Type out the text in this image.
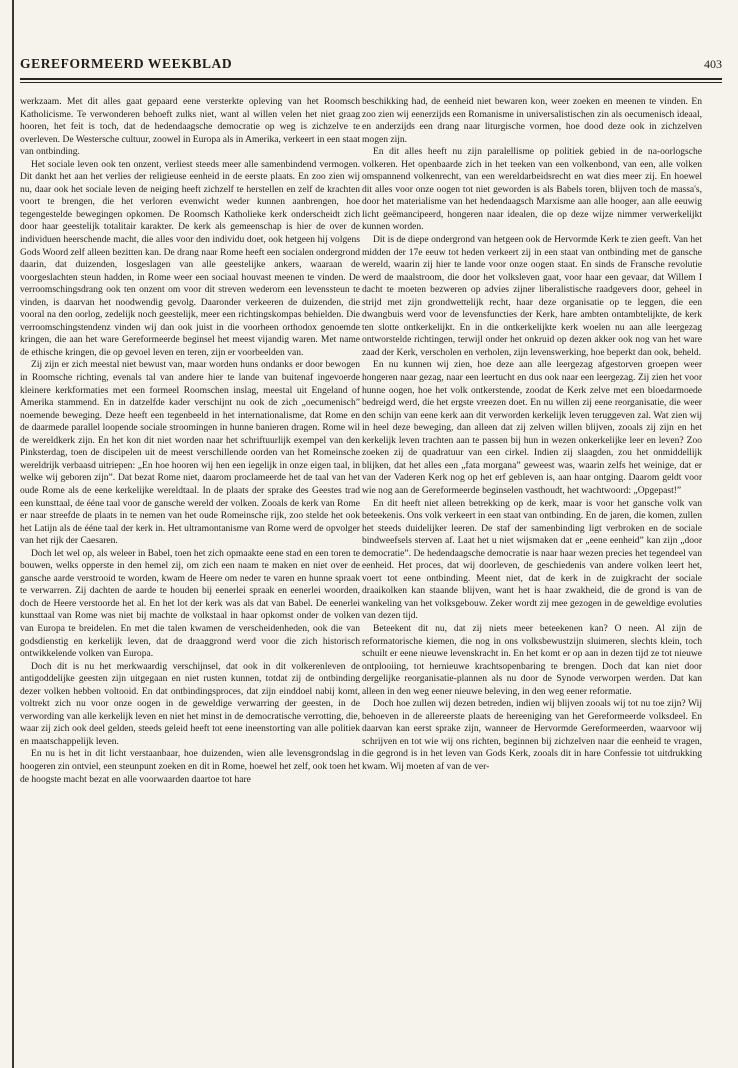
GEREFORMEERD WEEKBLAD	403

werkzaam. Met dit alles gaat gepaard eene versterkte opleving van het Roomsch Katholicisme. Te verwonderen behoeft zulks niet, want al willen velen het niet graag hooren, het feit is toch, dat de hedendaagsche democratie op weg is zichzelve te overleven. De Westersche cultuur, zoowel in Europa als in Amerika, verkeert in een staat van ontbinding.

Het sociale leven ook ten onzent, verliest steeds meer alle samenbindend vermogen. Dit dankt het aan het verlies der religieuse eenheid in de eerste plaats. En zoo zien wij nu, daar ook het sociale leven de neiging heeft zichzelf te herstellen en zelf de krachten voort te brengen, die het verloren evenwicht weder kunnen aanbrengen, hoe tegengestelde bewegingen opkomen. De Roomsch Katholieke kerk onderscheidt zich door haar geestelijk totalitair karakter. De kerk als gemeenschap is hier de over de individuen heerschende macht, die alles voor den individu doet, ook hetgeen hij volgens Gods Woord zelf alleen bezitten kan. De drang naar Rome heeft een socialen ondergrond daarin, dat duizenden, losgeslagen van alle geestelijke ankers, waaraan de voorgeslachten steun hadden, in Rome weer een sociaal houvast meenen te vinden. De verroomschingsdrang ook ten onzent om voor dit streven wederom een levenssteun te vinden, is daarvan het noodwendig gevolg. Daaronder verkeeren de duizenden, die vooral na den oorlog, zedelijk noch geestelijk, meer een richtingskompas behielden. Die verroomschingstendenz vinden wij dan ook juist in die voorheen orthodox genoemde kringen, die aan het ware Gereformeerde beginsel het meest vijandig waren. Met name de ethische kringen, die op gevoel leven en teren, zijn er voorbeelden van.

Zij zijn er zich meestal niet bewust van, maar worden huns ondanks er door bewogen in Roomsche richting, evenals tal van andere hier te lande van buitenaf ingevoerde kleinere kerkformaties met een formeel Roomschen inslag, meestal uit Engeland of Amerika stammend. En in datzelfde kader verschijnt nu ook de zich „oecumenisch” noemende beweging. Deze heeft een tegenbeeld in het internationalisme, dat Rome en de daarmede parallel loopende sociale stroomingen in hunne banieren dragen. Rome wil de wereldkerk zijn. En het kon dit niet worden naar het schriftuurlijk exempel van den Pinksterdag, toen de discipelen uit de meest verschillende oorden van het Romeinsche wereldrijk verbaasd uitriepen: „En hoe hooren wij hen een iegelijk in onze eigen taal, in welke wij geboren zijn”. Dat bezat Rome niet, daarom proclameerde het de taal van het oude Rome als de eene kerkelijke wereldtaal. In de plaats der sprake des Geestes trad een kunsttaal, de ééne taal voor de gansche wereld der volken. Zooals de kerk van Rome er naar streefde de plaats in te nemen van het oude Romeinsche rijk, zoo stelde het ook het Latijn als de ééne taal der kerk in. Het ultramontanisme van Rome werd de opvolger van het rijk der Caesaren.

Doch let wel op, als weleer in Babel, toen het zich opmaakte eene stad en een toren te bouwen, welks opperste in den hemel zij, om zich een naam te maken en niet over de gansche aarde verstrooid te worden, kwam de Heere om neder te varen en hunne spraak te verwarren. Zij dachten de aarde te houden bij eenerlei spraak en eenerlei woorden, doch de Heere verstoorde het al. En het lot der kerk was als dat van Babel. De eenerlei kunsttaal van Rome was niet bij machte de volkstaal in haar opkomst onder de volken van Europa te breidelen. En met die talen kwamen de verscheidenheden, ook die van godsdienstig en kerkelijk leven, dat de draaggrond werd voor die zich historisch ontwikkelende volken van Europa.

Doch dit is nu het merkwaardig verschijnsel, dat ook in dit volkerenleven de antigoddelijke geesten zijn uitgegaan en niet rusten kunnen, totdat zij de ontbinding dezer volken hebben voltooid. En dat ontbindingsproces, dat zijn einddoel nabij komt, voltrekt zich nu voor onze oogen in de geweldige verwarring der geesten, in de verwording van alle kerkelijk leven en niet het minst in de democratische verrotting, die, waar zij zich ook deel gelden, steeds geleid heeft tot eene ineenstorting van alle politiek en maatschappelijk leven.

En nu is het in dit licht verstaanbaar, hoe duizenden, wien alle levensgrondslag in hoogeren zin ontviel, een steunpunt zoeken en dit in Rome, hoewel het zelf, ook toen het de hoogste macht bezat en alle voorwaarden daartoe tot hare

beschikking had, de eenheid niet bewaren kon, weer zoeken en meenen te vinden. En zoo zien wij eenerzijds een Romanisme in universalistischen zin als oecumenisch ideaal, en anderzijds een drang naar liturgische vormen, hoe dood deze ook in zichzelven mogen zijn.

En dit alles heeft nu zijn paralellisme op politiek gebied in de na-oorlogsche volkeren. Het openbaarde zich in het teeken van een volkenbond, van een, alle volken omspannend volkenrecht, van een wereldarbeidsrecht en wat dies meer zij. En hoewel dit alles voor onze oogen tot niet geworden is als Babels toren, blijven toch de massa's, door het materialisme van het hedendaagsch Marxisme aan alle hooger, aan alle eeuwig licht geëmancipeerd, hongeren naar idealen, die op deze wijze nimmer verwerkelijkt kunnen worden.

Dit is de diepe ondergrond van hetgeen ook de Hervormde Kerk te zien geeft. Van het midden der 17e eeuw tot heden verkeert zij in een staat van ontbinding met de gansche wereld, waarin zij hier te lande voor onze oogen staat. En sinds de Fransche revolutie werd de maalstroom, die door het volksleven gaat, voor haar een gevaar, dat Willem I dacht te moeten bezweren op advies zijner liberalistische raadgevers door, geheel in strijd met zijn grondwettelijk recht, haar deze organisatie op te leggen, die een dwangbuis werd voor de levensfuncties der Kerk, hare ambten ontambtelijkte, de kerk ten slotte ontkerkelijkt. En in die ontkerkelijkte kerk woelen nu aan alle leergezag ontworstelde richtingen, terwijl onder het onkruid op dezen akker ook nog van het ware zaad der Kerk, verscholen en verholen, zijn levenswerking, hoe beperkt dan ook, beheld.

En nu kunnen wij zien, hoe deze aan alle leergezag afgestorven groepen weer hongeren naar gezag, naar een leertucht en dus ook naar een leergezag. Zij zien het voor hunne oogen, hoe het volk ontkerstende, zoodat de Kerk zelve met een bloedarmoede bedreigd werd, die het ergste vreezen doet. En nu willen zij eene reorganisatie, die weer den schijn van eene kerk aan dit verworden kerkelijk leven teruggeven zal. Wat zien wij in heel deze beweging, dan alleen dat zij zelven willen blijven, zooals zij zijn en het kerkelijk leven trachten aan te passen bij hun in wezen onkerkelijke leer en leven? Zoo zoeken zij de quadratuur van een cirkel. Indien zij slaagden, zou het onmiddellijk blijken, dat het alles een „fata morgana” geweest was, waarin zelfs het weinige, dat er van der Vaderen Kerk nog op het erf gebleven is, aan haar ontging. Daarom geldt voor wie nog aan de Gereformeerde beginselen vasthoudt, het wachtwoord: „Opgepast!”

En dit heeft niet alleen betrekking op de kerk, maar is voor het gansche volk van beteekenis. Ons volk verkeert in een staat van ontbinding. En de jaren, die komen, zullen het steeds duidelijker leeren. De staf der samenbinding ligt verbroken en de sociale bindweefsels sterven af. Laat het u niet wijsmaken dat er „eene eenheid” kan zijn „door democratie”. De hedendaagsche democratie is naar haar wezen precies het tegendeel van eenheid. Het proces, dat wij doorleven, de geschiedenis van andere volken leert het, voert tot eene ontbinding. Meent niet, dat de kerk in de zuigkracht der sociale draaikolken kan staande blijven, want het is haar zwakheid, die de grond is van de wankeling van het volksgebouw. Zeker wordt zij mee gezogen in de geweldige evoluties van dezen tijd.

Beteekent dit nu, dat zij niets meer beteekenen kan? O neen. Al zijn de reformatorische kiemen, die nog in ons volksbewustzijn sluimeren, slechts klein, toch schuilt er eene nieuwe levenskracht in. En het komt er op aan in dezen tijd ze tot nieuwe ontplooiing, tot hernieuwe krachtsopenbaring te brengen. Doch dat kan niet door dergelijke reorganisatie-plannen als nu door de Synode verworpen werden. Dat kan alleen in den weg eener nieuwe beleving, in den weg eener reformatie.

Doch hoe zullen wij dezen betreden, indien wij blijven zooals wij tot nu toe zijn? Wij behoeven in de allereerste plaats de hereeniging van het Gereformeerde volksdeel. En daarvan kan eerst sprake zijn, wanneer de Hervormde Gereformeerden, waarvoor wij schrijven en tot wie wij ons richten, beginnen bij zichzelven naar die eenheid te vragen, die gegrond is in het leven van Gods Kerk, zooals dit in hare Confessie tot uitdrukking kwam. Wij moeten af van de ver-
